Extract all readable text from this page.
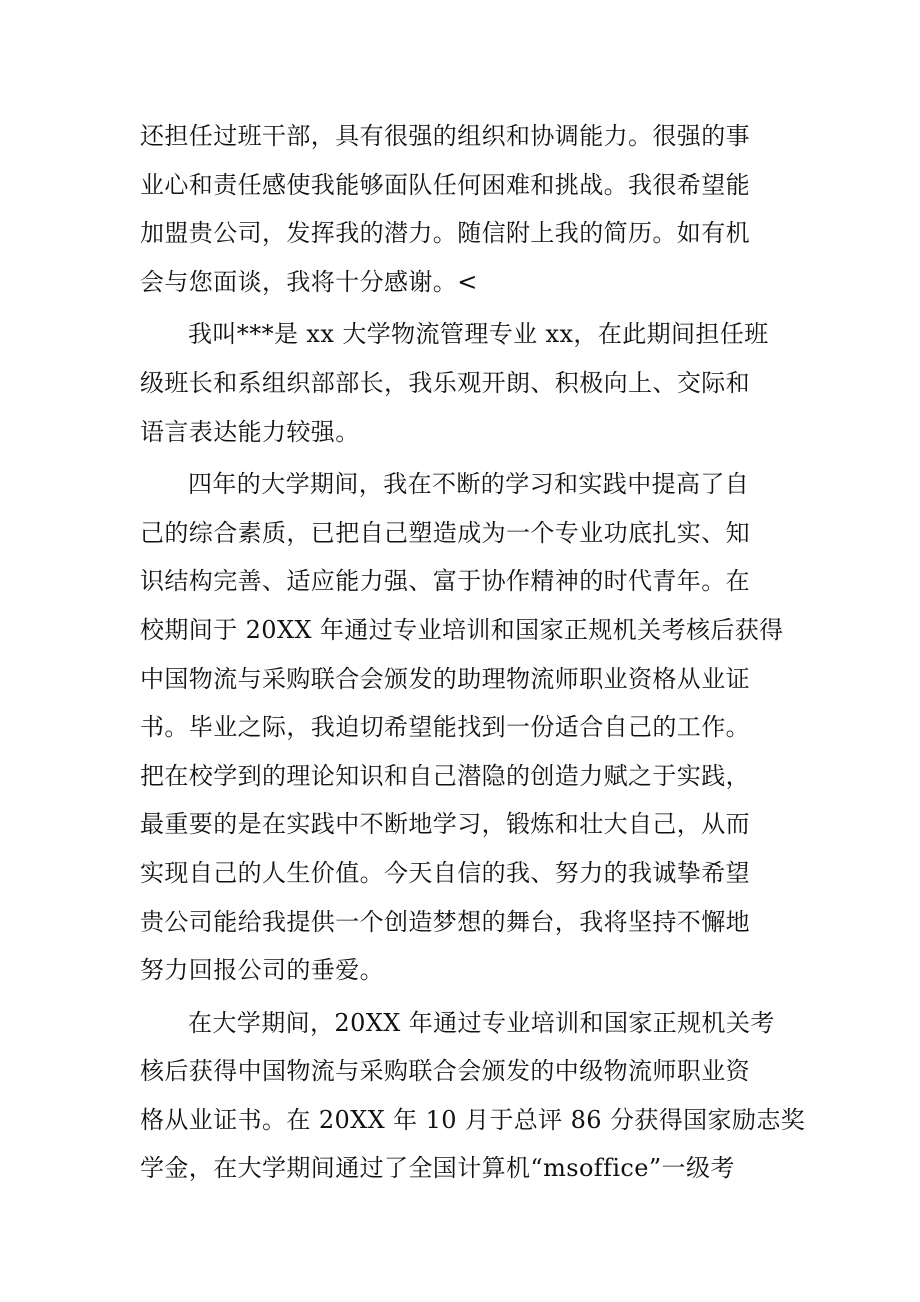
还担任过班干部，具有很强的组织和协调能力。很强的事
业心和责任感使我能够面队任何困难和挑战。我很希望能
加盟贵公司，发挥我的潜力。随信附上我的简历。如有机
会与您面谈，我将十分感谢。<
我叫***是 xx 大学物流管理专业 xx，在此期间担任班
级班长和系组织部部长，我乐观开朗、积极向上、交际和
语言表达能力较强。
四年的大学期间，我在不断的学习和实践中提高了自
己的综合素质，已把自己塑造成为一个专业功底扎实、知
识结构完善、适应能力强、富于协作精神的时代青年。在
校期间于 20XX 年通过专业培训和国家正规机关考核后获得
中国物流与采购联合会颁发的助理物流师职业资格从业证
书。毕业之际，我迫切希望能找到一份适合自己的工作。
把在校学到的理论知识和自己潜隐的创造力赋之于实践，
最重要的是在实践中不断地学习，锻炼和壮大自己，从而
实现自己的人生价值。今天自信的我、努力的我诚挚希望
贵公司能给我提供一个创造梦想的舞台，我将坚持不懈地
努力回报公司的垂爱。
在大学期间，20XX 年通过专业培训和国家正规机关考
核后获得中国物流与采购联合会颁发的中级物流师职业资
格从业证书。在 20XX 年 10 月于总评 86 分获得国家励志奖
学金，在大学期间通过了全国计算机“msoffice”一级考
